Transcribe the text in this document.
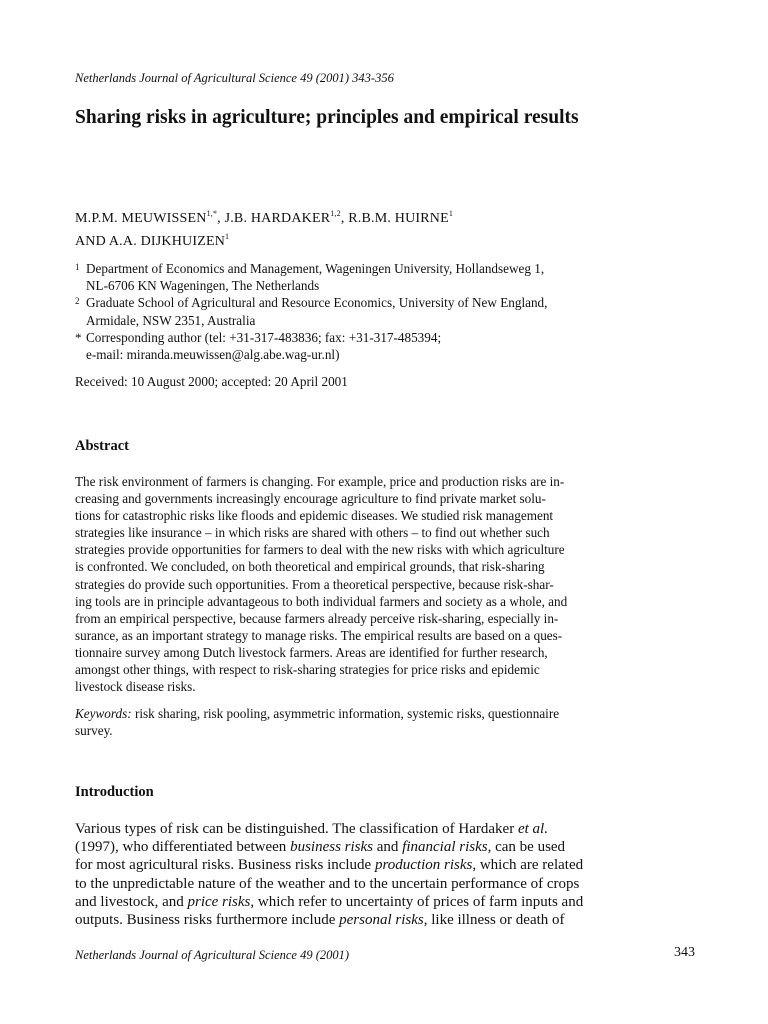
Netherlands Journal of Agricultural Science 49 (2001) 343-356
Sharing risks in agriculture; principles and empirical results
M.P.M. $MEUWISSEN^{1,*}$, J.B. HARDAKER$^{1,2}$, R.B.M. HUIRNE$^1$
AND A.A. DIJKHUIZEN$^1$
1 Department of Economics and Management, Wageningen University, Hollandseweg 1,
NL-6706 KN Wageningen, The Netherlands
2 Graduate School of Agricultural and Resource Economics, University of New England,
Armidale, NSW 2351, Australia
* Corresponding author (tel: +31-317-483836; fax: +31-317-485394;
e-mail: miranda.meuwissen@alg.abe.wag-ur.nl)
Received: 10 August 2000; accepted: 20 April 2001
Abstract
The risk environment of farmers is changing. For example, price and production risks are in-
creasing and governments increasingly encourage agriculture to find private market solu-
tions for catastrophic risks like floods and epidemic diseases. We studied risk management
strategies like insurance – in which risks are shared with others – to find out whether such
strategies provide opportunities for farmers to deal with the new risks with which agriculture
is confronted. We concluded, on both theoretical and empirical grounds, that risk-sharing
strategies do provide such opportunities. From a theoretical perspective, because risk-shar-
ing tools are in principle advantageous to both individual farmers and society as a whole, and
from an empirical perspective, because farmers already perceive risk-sharing, especially in-
surance, as an important strategy to manage risks. The empirical results are based on a ques-
tionnaire survey among Dutch livestock farmers. Areas are identified for further research,
amongst other things, with respect to risk-sharing strategies for price risks and epidemic
livestock disease risks.
Keywords: risk sharing, risk pooling, asymmetric information, systemic risks, questionnaire
survey.
Introduction
Various types of risk can be distinguished. The classification of Hardaker et al.
(1997), who differentiated between business risks and financial risks, can be used
for most agricultural risks. Business risks include production risks, which are related
to the unpredictable nature of the weather and to the uncertain performance of crops
and livestock, and price risks, which refer to uncertainty of prices of farm inputs and
outputs. Business risks furthermore include personal risks, like illness or death of
Netherlands Journal of Agricultural Science 49 (2001)	343
